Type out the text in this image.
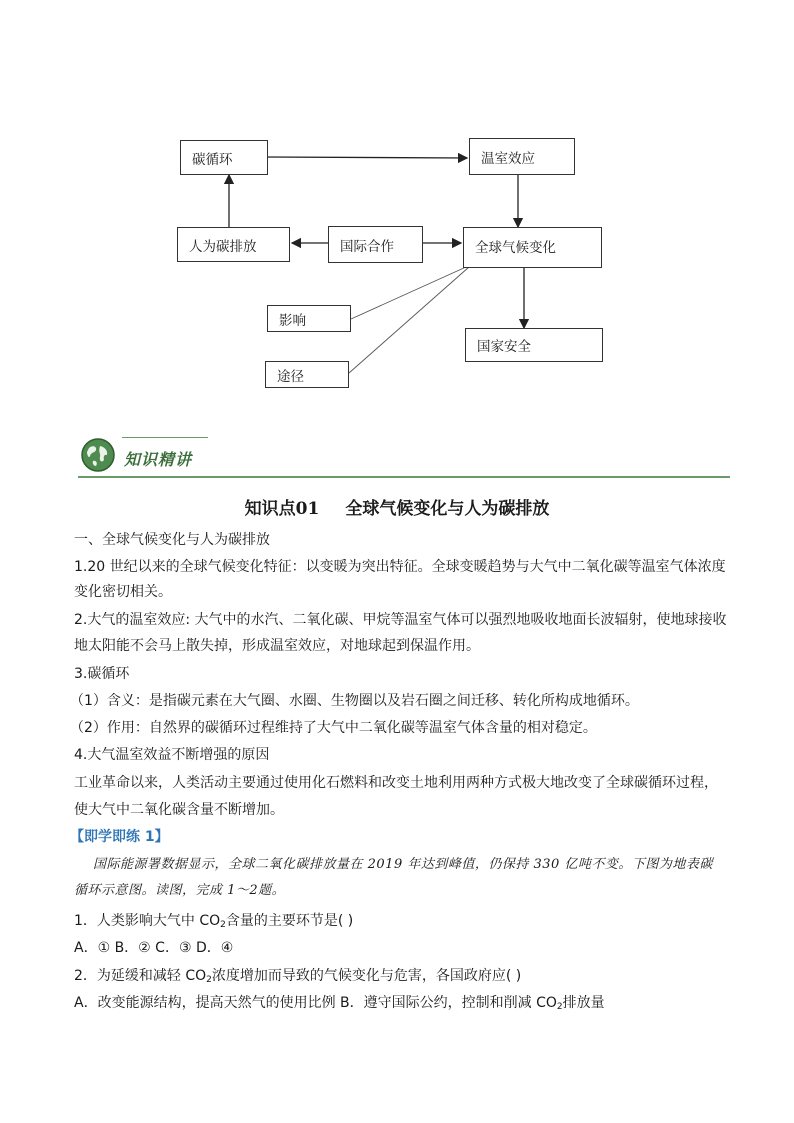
碳循环	温室效应
人为碳排放	国际合作	全球气候变化
影响
国家安全
途径
知识精讲
知识点01 全球气候变化与人为碳排放
一、全球气候变化与人为碳排放
1.20 世纪以来的全球气候变化特征：以变暖为突出特征。全球变暖趋势与大气中二氧化碳等温室气体浓度
变化密切相关。
2.大气的温室效应: 大气中的水汽、二氧化碳、甲烷等温室气体可以强烈地吸收地面长波辐射，使地球接收
地太阳能不会马上散失掉，形成温室效应，对地球起到保温作用。
3.碳循环
（1）含义：是指碳元素在大气圈、水圈、生物圈以及岩石圈之间迁移、转化所构成地循环。
（2）作用：自然界的碳循环过程维持了大气中二氧化碳等温室气体含量的相对稳定。
4.大气温室效益不断增强的原因
工业革命以来，人类活动主要通过使用化石燃料和改变土地利用两种方式极大地改变了全球碳循环过程，
使大气中二氧化碳含量不断增加。
【即学即练 1】
国际能源署数据显示，全球二氧化碳排放量在 2019 年达到峰值，仍保持 330 亿吨不变。下图为地表碳
循环示意图。读图，完成 1～2题。
1．人类影响大气中 $CO_2$含量的主要环节是( )
A．① B．② C．③ D．④
2．为延缓和减轻 $CO_2$浓度增加而导致的气候变化与危害，各国政府应( )
A．改变能源结构，提高天然气的使用比例 B．遵守国际公约，控制和削减 $CO_2$排放量
